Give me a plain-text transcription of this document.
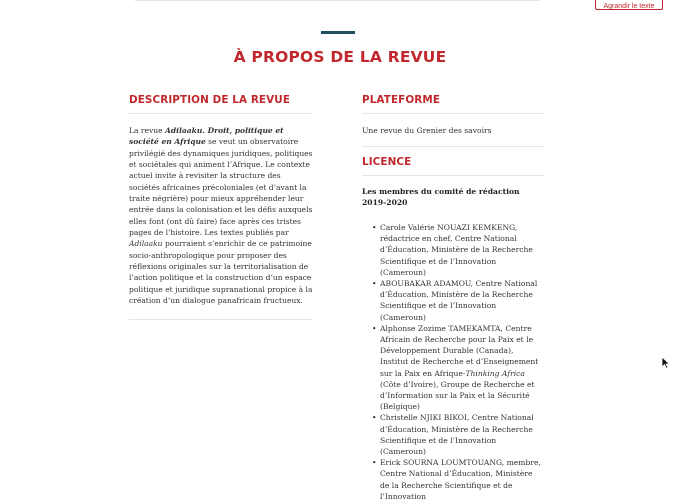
Agrandir le texte
À PROPOS DE LA REVUE
DESCRIPTION DE LA REVUE

La revue Adilaaku. Droit, politique et société en Afrique se veut un observatoire privilégié des dynamiques juridiques, politiques et sociétales qui animent l’Afrique. Le contexte actuel invite à revisiter la structure des sociétés africaines précoloniales (et d’avant la traite négrière) pour mieux appréhender leur entrée dans la colonisation et les défis auxquels elles font (ont dû faire) face après ces tristes pages de l’histoire. Les textes publiés par Adilaaku pourraient s’enrichir de ce patrimoine socio-anthropologique pour proposer des réflexions originales sur la territorialisation de l’action politique et la construction d’un espace politique et juridique supranational propice à la création d’un dialogue panafricain fructueux.

PLATEFORME

Une revue du Grenier des savoirs

LICENCE
Les membres du comité de rédaction 2019-2020
• Carole Valérie NOUAZI KEMKENG, rédactrice en chef, Centre National d’Éducation, Ministère de la Recherche Scientifique et de l’Innovation (Cameroun)
• ABOUBAKAR ADAMOU, Centre National d’Éducation, Ministère de la Recherche Scientifique et de l’Innovation (Cameroun)
• Alphonse Zozime TAMEKAMTA, Centre Africain de Recherche pour la Paix et le Développement Durable (Canada), Institut de Recherche et d’Enseignement sur la Paix en Afrique-Thinking Africa (Côte d’Ivoire), Groupe de Recherche et d’Information sur la Paix et la Sécurité (Belgique)
• Christelle NJIKI BIKOI, Centre National d’Éducation, Ministère de la Recherche Scientifique et de l’Innovation (Cameroun)
• Erick SOURNA LOUMTOUANG, membre, Centre National d’Éducation, Ministère de la Recherche Scientifique et de l’Innovation
